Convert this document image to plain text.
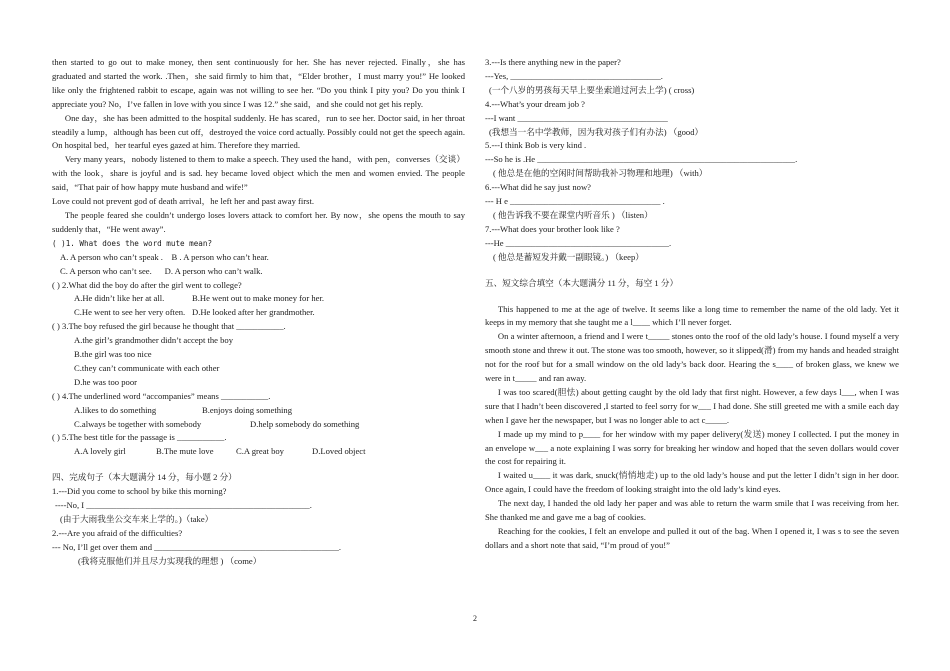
then started to go out to make money, then sent continuously for her. She has never rejected. Finally，she has graduated and started the work. .Then，she said firmly to him that，“Elder brother，I must marry you!” He looked like only the frightened rabbit to escape, again was not willing to see her. “Do you think I pity you? Do you think I appreciate you? No，I’ve fallen in love with you since I was 12.” she said，and she could not get his reply.

One day，she has been admitted to the hospital suddenly. He has scared，run to see her. Doctor said, in her throat steadily a lump，although has been cut off，destroyed the voice cord actually. Possibly could not get the speech again. On hospital bed，her tearful eyes gazed at him. Therefore they married.

Very many years，nobody listened to them to make a speech. They used the hand，with pen，converses（交谈） with the look，share is joyful and is sad. hey became loved object which the men and women envied. The people said，“That pair of how happy mute husband and wife!”

Love could not prevent god of death arrival，he left her and past away first.

The people feared she couldn’t undergo loses lovers attack to comfort her. By now，she opens the mouth to say suddenly that，“He went away”.

( )1. What does the word mute mean?

A. A person who can’t speak . B . A person who can’t hear.

C. A person who can’t see. D. A person who can’t walk.

( ) 2.What did the boy do after the girl went to college?

A.He didn’t like her at all.	B.He went out to make money for her.
C.He went to see her very often. D.He looked after her grandmother.

( ) 3.The boy refused the girl because he thought that ___________.

A.the girl’s grandmother didn’t accept the boy

B.the girl was too nice

C.they can’t communicate with each other

D.he was too poor

( ) 4.The underlined word “accompanies” means ___________.

A.likes to do something	B.enjoys doing something
C.always be together with somebody	D.help somebody do something

( ) 5.The best title for the passage is ___________.

A.A lovely girl	B.The mute love	C.A great boy	D.Loved object

四、完成句子（本大题满分 14 分，每小题 2 分）

1.---Did you come to school by bike this morning?

----No, I ____________________________________________________.

(由于大雨我坐公交车来上学的。)（take）

2.---Are you afraid of the difficulties?

--- No, I’ll get over them and ___________________________________________.

(我将克服他们并且尽力实现我的理想 ) （come）

3.---Is there anything new in the paper?

---Yes, ___________________________________.

(一个八岁的男孩每天早上要坐索道过河去上学) ( cross)

4.---What’s your dream job ?

---I want ___________________________________

(我想当一名中学教师，因为我对孩子们有办法) （good）

5.---I think Bob is very kind .

---So he is .He ____________________________________________________________.

( 他总是在他的空闲时间帮助我补习物理和地理) （with）

6.---What did he say just now?

--- H e ___________________________________ .

( 他告诉我不要在课堂内听音乐 ) （listen）

7.---What does your brother look like ?

---He ______________________________________.

( 他总是蓄短发并戴一副眼镜。) （keep）

五、短文综合填空（本大题满分 11 分，每空 1 分）

This happened to me at the age of twelve. It seems like a long time to remember the name of the old lady. Yet it keeps in my memory that she taught me a l____ which I’ll never forget.

On a winter afternoon, a friend and I were t_____ stones onto the roof of the old lady’s house. I found myself a very smooth stone and threw it out. The stone was too smooth, however, so it slipped(滑) from my hands and headed straight not for the roof but for a small window on the old lady’s back door. Hearing the s____ of broken glass, we knew we were in t_____ and ran away.

I was too scared(胆怯) about getting caught by the old lady that first night. However, a few days l___, when I was sure that I hadn’t been discovered ,I started to feel sorry for w___ I had done. She still greeted me with a smile each day when I gave her the newspaper, but I was no longer able to act c_____.

I made up my mind to p____ for her window with my paper delivery(发送) money I collected. I put the money in an envelope w___ a note explaining I was sorry for breaking her window and hoped that the seven dollars would cover the cost for repairing it.

I waited u____ it was dark, snuck(悄悄地走) up to the old lady’s house and put the letter I didn’t sign in her door. Once again, I could have the freedom of looking straight into the old lady’s kind eyes.

The next day, I handed the old lady her paper and was able to return the warm smile that I was receiving from her. She thanked me and gave me a bag of cookies.

Reaching for the cookies, I felt an envelope and pulled it out of the bag. When I opened it, I was s to see the seven dollars and a short note that said, “I’m proud of you!”

2
